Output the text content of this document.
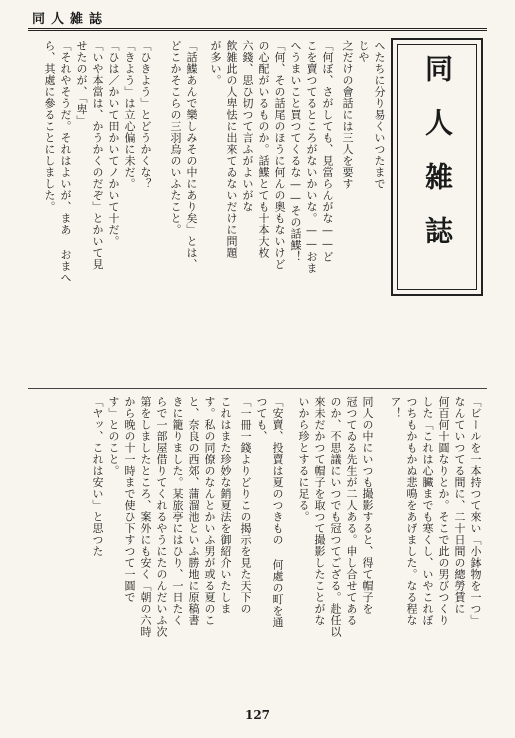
同人雑誌
同人雑誌

へたちに分り易くいつたまでじや

之だけの會話には三人を要す

「何ぼ、さがしても、見當らんがな——ど

こを賣つてるところがないかいな。——おま

へうまいこと買つてくるな——その話鰈！

「何、その話尾のほうに何んの奧もないけど

の心配がいるものか。話鰈とても十本大枚

六錢、思ひ切つて言ふがよいがな

飲雑此の人卑怯に出來てゐないだけに問題

が多い。

「話鰈あんで樂しみその中にあり矣」とは、

どこかそこらの三羽烏のいふたこと。

「ひきよう」とどうかくな？

「きよう」は立心偏に未だ。

「ひは／かいて田かいてノかいて十だ。

「いや本當は、かうかくのだぞ」とかいて見

せたのが、「卑」

「それやそうだ。それはよいが、まあ おまへ

ら、其處に參ることにしました。

「ビールを一本持つて來い「小鉢物を一つ」

なんていつてる間に、二十日間の總勞賃に

何百何十圓なりとか。そこで此の男びつくり

した「これは心臟までも寒くし、いやこれぼ

つちもかもかぬ悲鳴をあげました。なる程な

ア！

同人の中にいつも撮影すると、得て帽子を

冠つてゐる先生が二人ある。申し合せてある

のか、不思議にいつでも冠つてござる。赴任以

來未だかつて帽子を取つて撮影したことがな

いから珍とするに足る。

「安賣、投賣は夏のつきもの 何處の町を通

つても、

「一冊一錢よりどりこの揭示を見た天下の

これはまた珍妙な銷夏法を御紹介いたしま

す。私の同僚のなんとかいふ男が或る夏のこ

と、奈良の西郊、蒲溜池といふ勝地に原稿書

きに籠りました。某旅亭にはひり、一日たく

らで一部屋借りてくれるやうにたのんだいふ次

第をしましたところ、案外にも安く「朝の六時

から晚の十一時まで使ひ下すつて一圓で

す」とのこと。

「ヤッ、これは安い」と思つた

127
